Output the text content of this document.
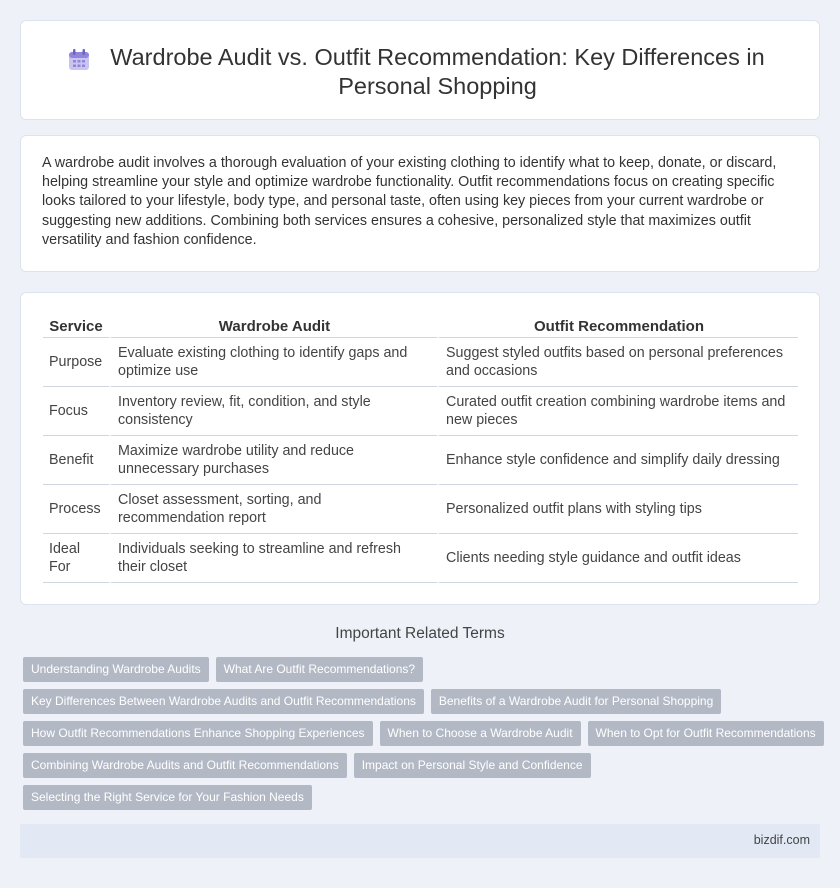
Wardrobe Audit vs. Outfit Recommendation: Key Differences in Personal Shopping

A wardrobe audit involves a thorough evaluation of your existing clothing to identify what to keep, donate, or discard, helping streamline your style and optimize wardrobe functionality. Outfit recommendations focus on creating specific looks tailored to your lifestyle, body type, and personal taste, often using key pieces from your current wardrobe or suggesting new additions. Combining both services ensures a cohesive, personalized style that maximizes outfit versatility and fashion confidence.

Service	Wardrobe Audit	Outfit Recommendation
Purpose	Evaluate existing clothing to identify gaps and optimize use	Suggest styled outfits based on personal preferences and occasions
Focus	Inventory review, fit, condition, and style consistency	Curated outfit creation combining wardrobe items and new pieces
Benefit	Maximize wardrobe utility and reduce unnecessary purchases	Enhance style confidence and simplify daily dressing
Process	Closet assessment, sorting, and recommendation report	Personalized outfit plans with styling tips
Ideal For	Individuals seeking to streamline and refresh their closet	Clients needing style guidance and outfit ideas
Important Related Terms
Understanding Wardrobe Audits	What Are Outfit Recommendations?
Key Differences Between Wardrobe Audits and Outfit Recommendations	Benefits of a Wardrobe Audit for Personal Shopping
How Outfit Recommendations Enhance Shopping Experiences	When to Choose a Wardrobe Audit	When to Opt for Outfit Recommendations
Combining Wardrobe Audits and Outfit Recommendations	Impact on Personal Style and Confidence
Selecting the Right Service for Your Fashion Needs
bizdif.com
